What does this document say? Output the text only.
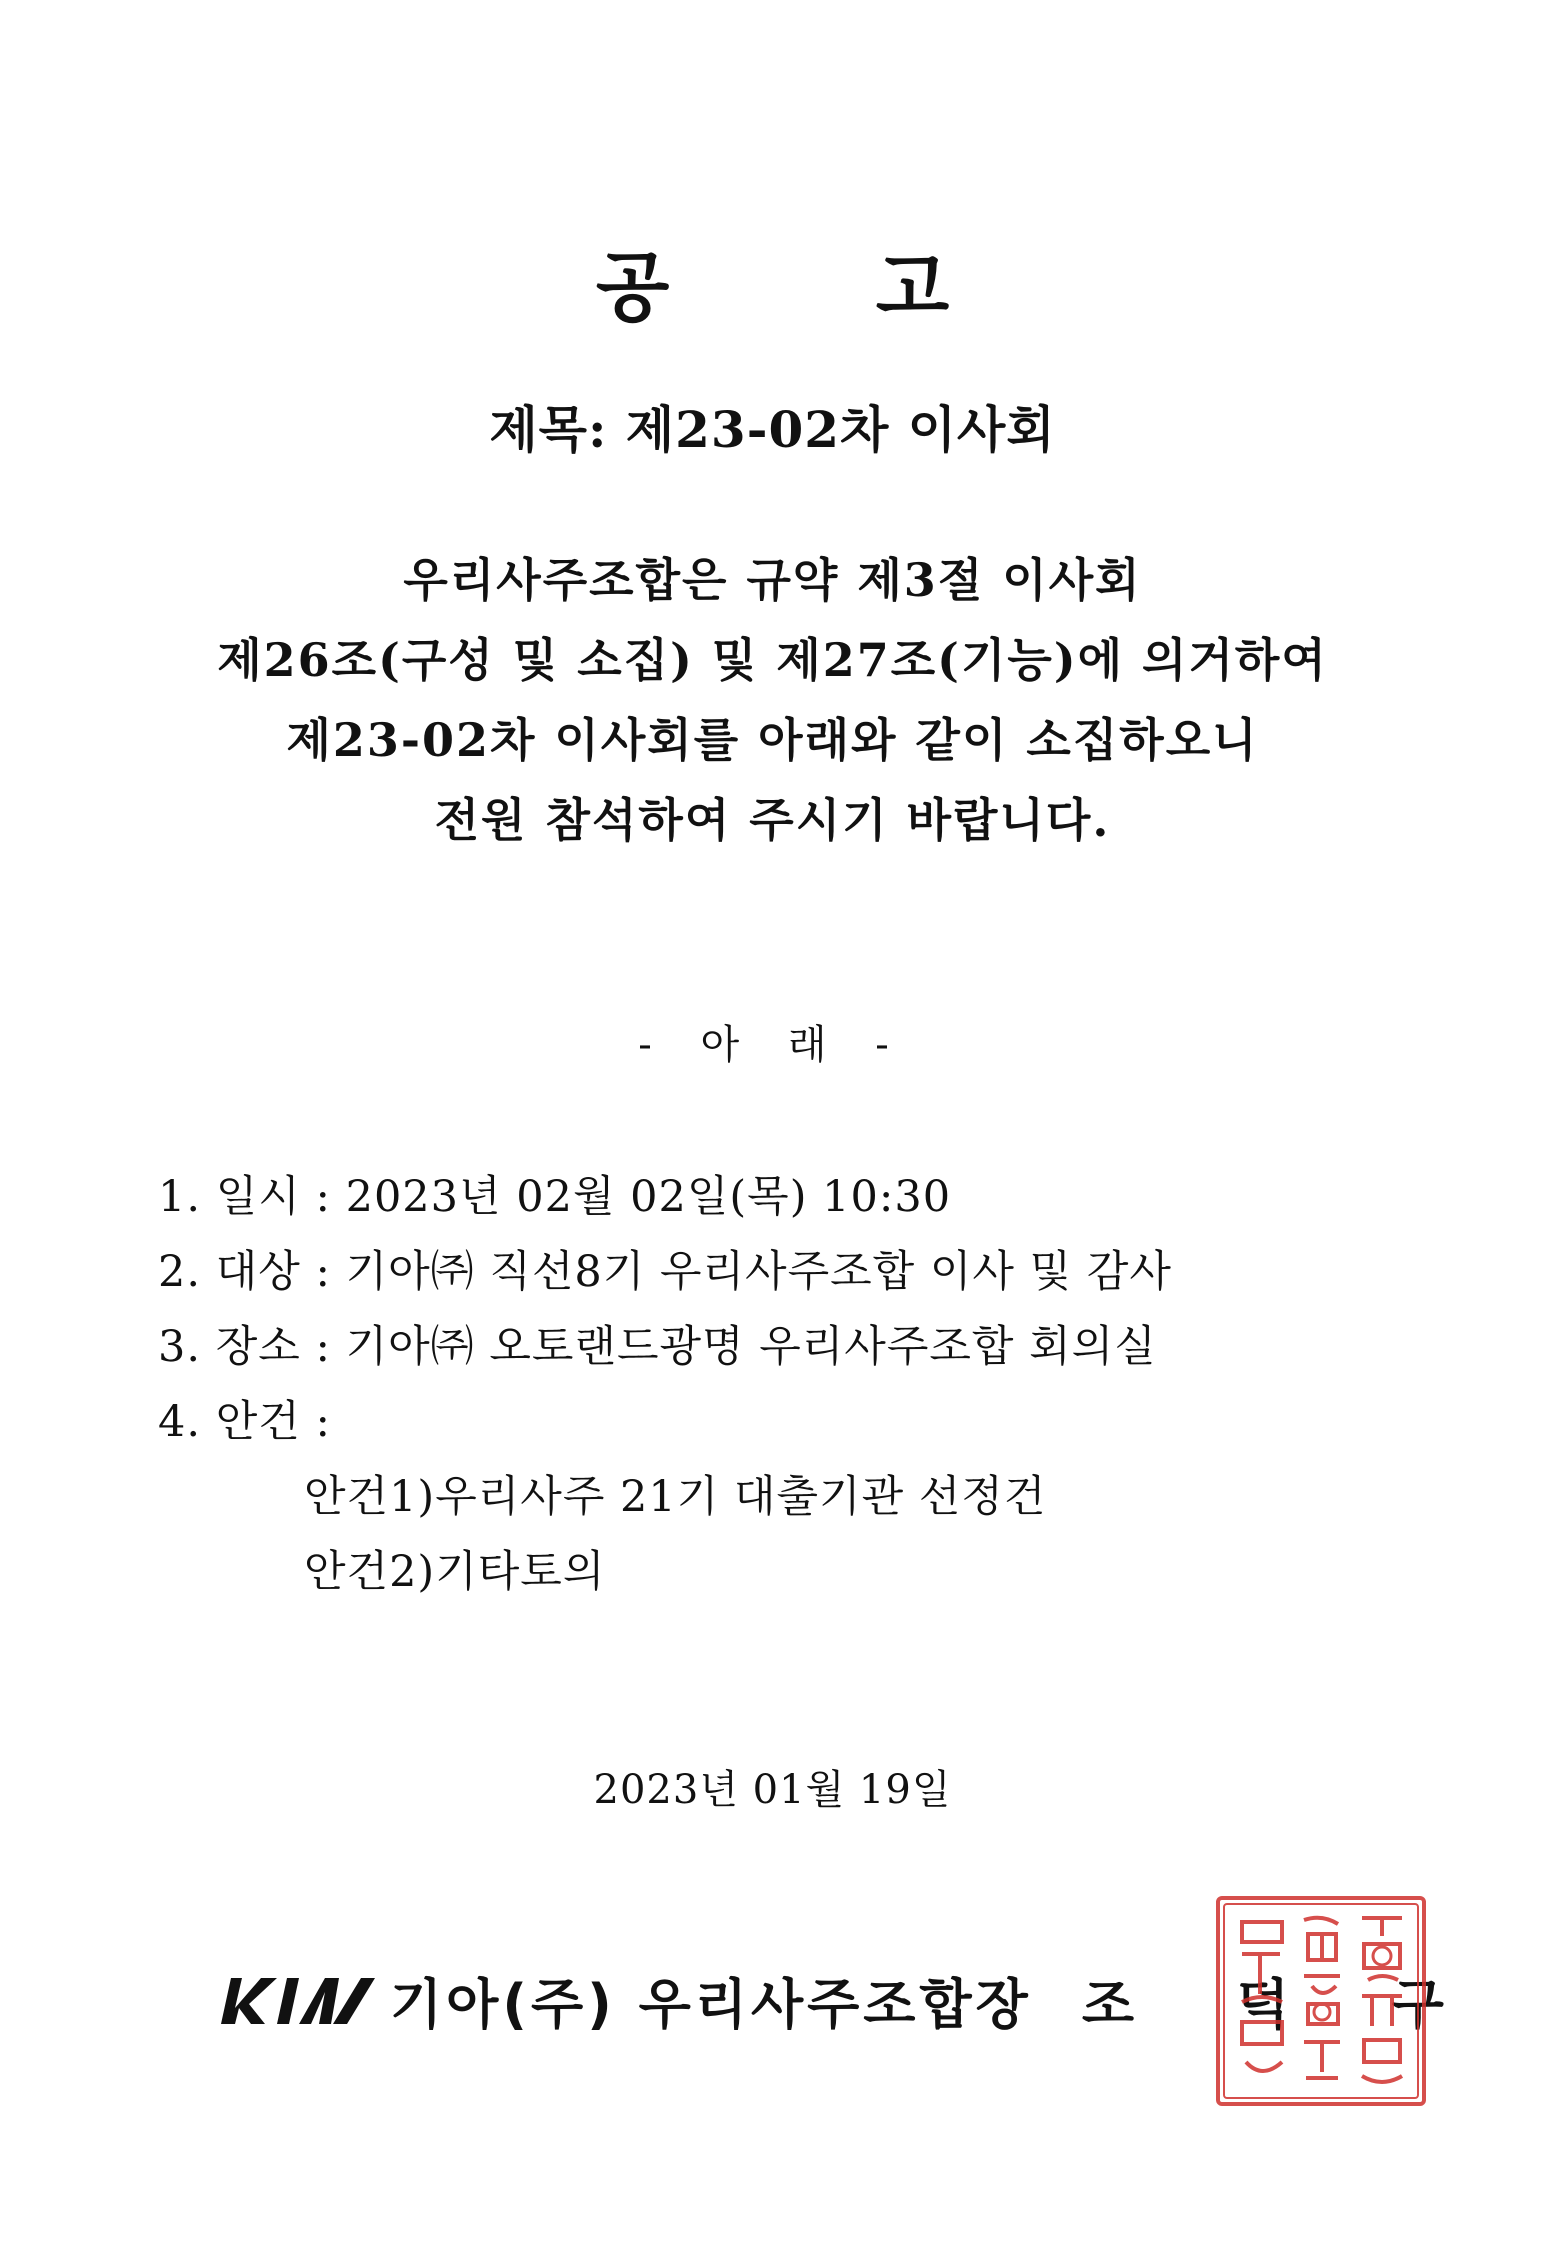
공 고
제목: 제23-02차 이사회
우리사주조합은 규약 제3절 이사회
제26조(구성 및 소집) 및 제27조(기능)에 의거하여
제23-02차 이사회를 아래와 같이 소집하오니
전원 참석하여 주시기 바랍니다.
- 아 래 -
1. 일시 : 2023년 02월 02일(목) 10:30
2. 대상 : 기아㈜ 직선8기 우리사주조합 이사 및 감사
3. 장소 : 기아㈜ 오토랜드광명 우리사주조합 회의실
4. 안건 :
안건1)우리사주 21기 대출기관 선정건
안건2)기타토의
2023년 01월 19일
기아(주) 우리사주조합장 조 덕 구
